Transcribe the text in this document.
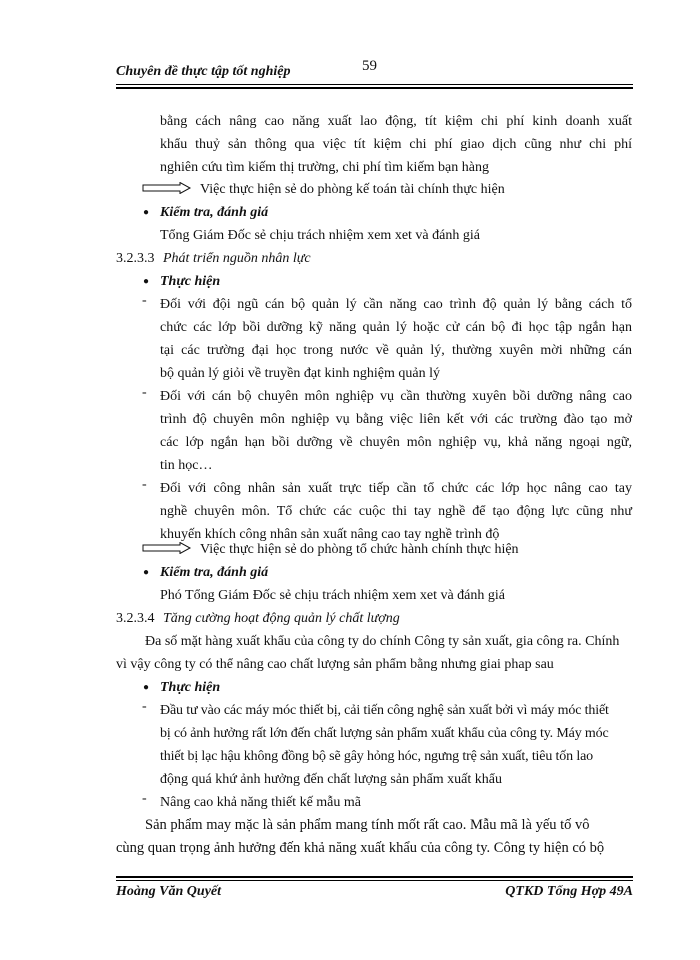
Chuyên đề thực tập tốt nghiệp	59
bằng cách nâng cao năng xuất lao động, tít kiệm chi phí kinh doanh xuất
khẩu thuỷ sản thông qua việc tít kiệm chi phí giao dịch cũng như chi phí
nghiên cứu tìm kiếm thị trường, chi phí tìm kiếm bạn hàng
Việc thực hiện sẻ do phòng kế toán tài chính thực hiện
● Kiểm tra, đánh giá
Tổng Giám Đốc sẻ chịu trách nhiệm xem xet và đánh giá
3.2.3.3 Phát triển nguồn nhân lực
● Thực hiện
- Đối với đội ngũ cán bộ quản lý cần năng cao trình độ quản lý bằng cách tổ
chức các lớp bồi dưỡng kỹ năng quản lý hoặc cử cán bộ đi học tập ngắn hạn
tại các trường đại học trong nước về quản lý, thường xuyên mời những cán
bộ quản lý giỏi về truyền đạt kinh nghiệm quản lý
- Đối với cán bộ chuyên môn nghiệp vụ cần thường xuyên bồi dưỡng nâng cao
trình độ chuyên môn nghiệp vụ bằng việc liên kết với các trường đào tạo mở
các lớp ngắn hạn bồi dưỡng về chuyên môn nghiệp vụ, khả năng ngoại ngữ,
tin học…
- Đối với công nhân sản xuất trực tiếp cần tổ chức các lớp học nâng cao tay
nghề chuyên môn. Tổ chức các cuộc thi tay nghề để tạo động lực cũng như
khuyến khích công nhân sản xuất nâng cao tay nghề trình độ
Việc thực hiện sẻ do phòng tổ chức hành chính thực hiện
● Kiểm tra, đánh giá
Phó Tổng Giám Đốc sẻ chịu trách nhiệm xem xet và đánh giá
3.2.3.4 Tăng cường hoạt động quản lý chất lượng
Đa số mặt hàng xuất khẩu của công ty do chính Công ty sản xuất, gia công ra. Chính
vì vậy công ty có thể nâng cao chất lượng sản phẩm bằng nhưng giai phap sau
● Thực hiện
- Đầu tư vào các máy móc thiết bị, cải tiến công nghệ sản xuất bởi vì máy móc thiết
bị có ảnh hưởng rất lớn đến chất lượng sản phẩm xuất khẩu của công ty. Máy móc
thiết bị lạc hậu không đồng bộ sẽ gây hỏng hóc, ngưng trệ sản xuất, tiêu tốn lao
động quá khứ ảnh hưởng đến chất lượng sản phẩm xuất khẩu
- Nâng cao khả năng thiết kế mẫu mã
Sản phẩm may mặc là sản phẩm mang tính mốt rất cao. Mẫu mã là yếu tố vô
cùng quan trọng ảnh hưởng đến khả năng xuất khẩu của công ty. Công ty hiện có bộ
Hoàng Văn Quyết	QTKD Tổng Hợp 49A
